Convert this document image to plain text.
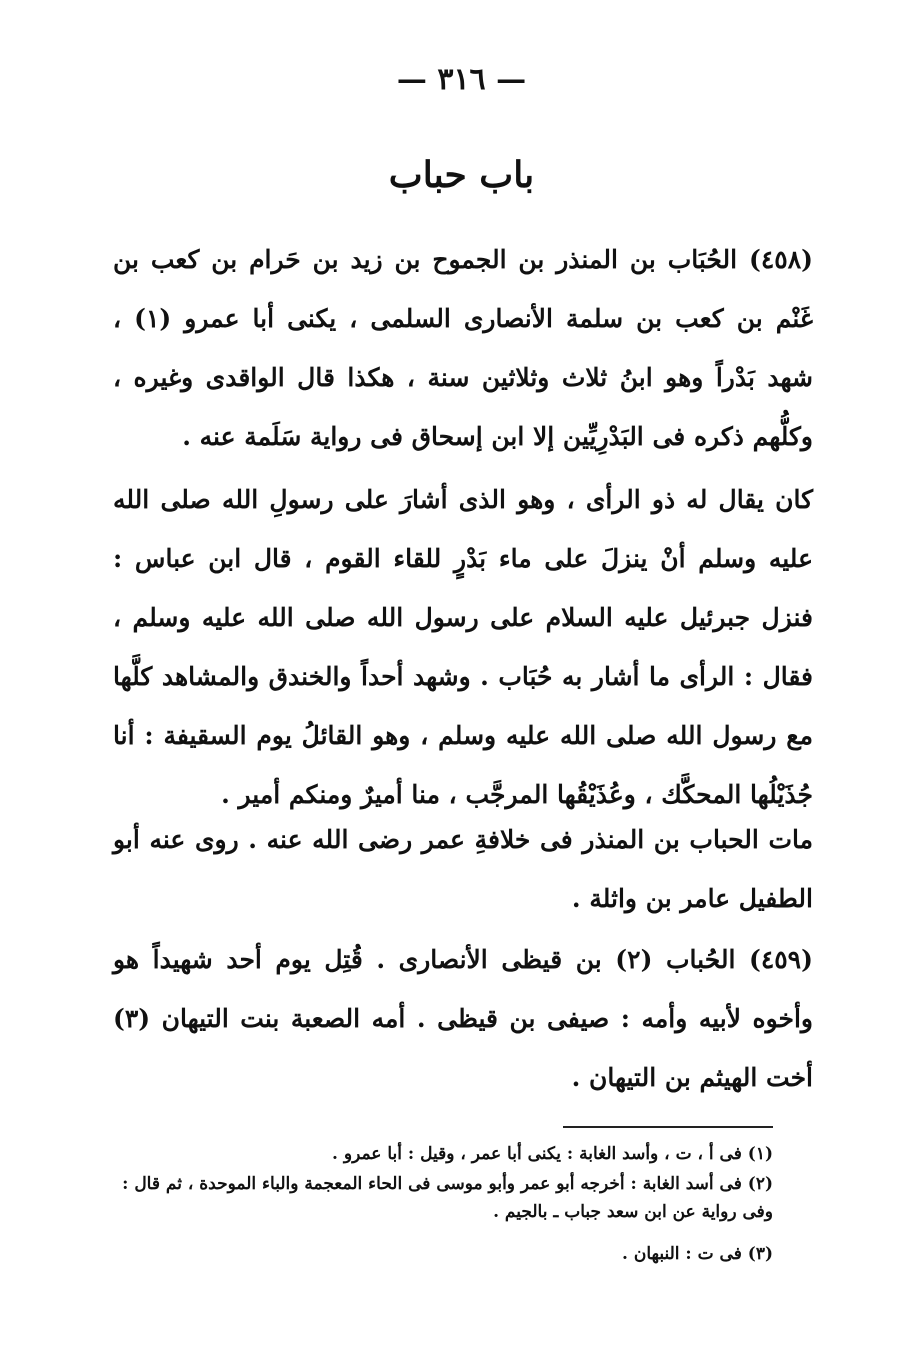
— ٣١٦ —
باب حباب

(٤٥٨) الحُبَاب بن المنذر بن الجموح بن زيد بن حَرام بن كعب بن غَنْم بن كعب بن سلمة الأنصارى السلمى ، يكنى أبا عمرو (١) ، شهد بَدْراً وهو ابنُ ثلاث وثلاثين سنة ، هكذا قال الواقدى وغيره ، وكلُّهم ذكره فى البَدْرِيِّين إلا ابن إسحاق فى رواية سَلَمة عنه .

كان يقال له ذو الرأى ، وهو الذى أشارَ على رسولِ الله صلى الله عليه وسلم أنْ ينزلَ على ماء بَدْرٍ للقاء القوم ، قال ابن عباس : فنزل جبرئيل عليه السلام على رسول الله صلى الله عليه وسلم ، فقال : الرأى ما أشار به حُبَاب . وشهد أحداً والخندق والمشاهد كلَّها مع رسول الله صلى الله عليه وسلم ، وهو القائلُ يوم السقيفة : أنا جُذَيْلُها المحكَّك ، وعُذَيْقُها المرجَّب ، منا أميرٌ ومنكم أمير .

مات الحباب بن المنذر فى خلافةِ عمر رضى الله عنه . روى عنه أبو الطفيل عامر بن واثلة .

(٤٥٩) الحُباب (٢) بن قيظى الأنصارى . قُتِل يوم أحد شهيداً هو وأخوه لأبيه وأمه : صيفى بن قيظى . أمه الصعبة بنت التيهان (٣) أخت الهيثم بن التيهان .

(١) فى أ ، ت ، وأسد الغابة : يكنى أبا عمر ، وقيل : أبا عمرو .

(٢) فى أسد الغابة : أخرجه أبو عمر وأبو موسى فى الحاء المعجمة والباء الموحدة ، ثم قال : وفى رواية عن ابن سعد جباب ـ بالجيم .

(٣) فى ت : النبهان .
